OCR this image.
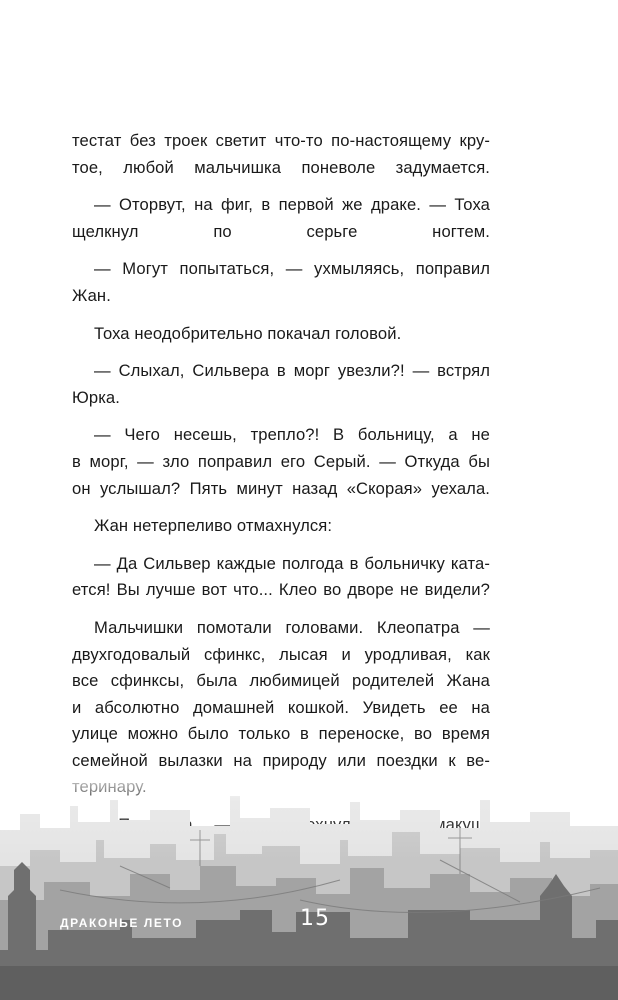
тестат без троек светит что-то по-настоящему кру-
тое, любой мальчишка поневоле задумается.

— Оторвут, на фиг, в первой же драке. — Тоха
щелкнул по серьге ногтем.

— Могут попытаться, — ухмыляясь, поправил
Жан.

Тоха неодобрительно покачал головой.

— Слыхал, Сильвера в морг увезли?! — встрял
Юрка.

— Чего несешь, трепло?! В больницу, а не
в морг, — зло поправил его Серый. — Откуда бы
он услышал? Пять минут назад «Скорая» уехала.

Жан нетерпеливо отмахнулся:

— Да Сильвер каждые полгода в больничку ката-
ется! Вы лучше вот что... Клео во дворе не видели?

Мальчишки помотали головами. Клеопатра —
двухгодовалый сфинкс, лысая и уродливая, как
все сфинксы, была любимицей родителей Жана
и абсолютно домашней кошкой. Увидеть ее на
улице можно было только в переноске, во время
семейной вылазки на природу или поездки к ве-

ДРАКОНЬЕ ЛЕТО	15
